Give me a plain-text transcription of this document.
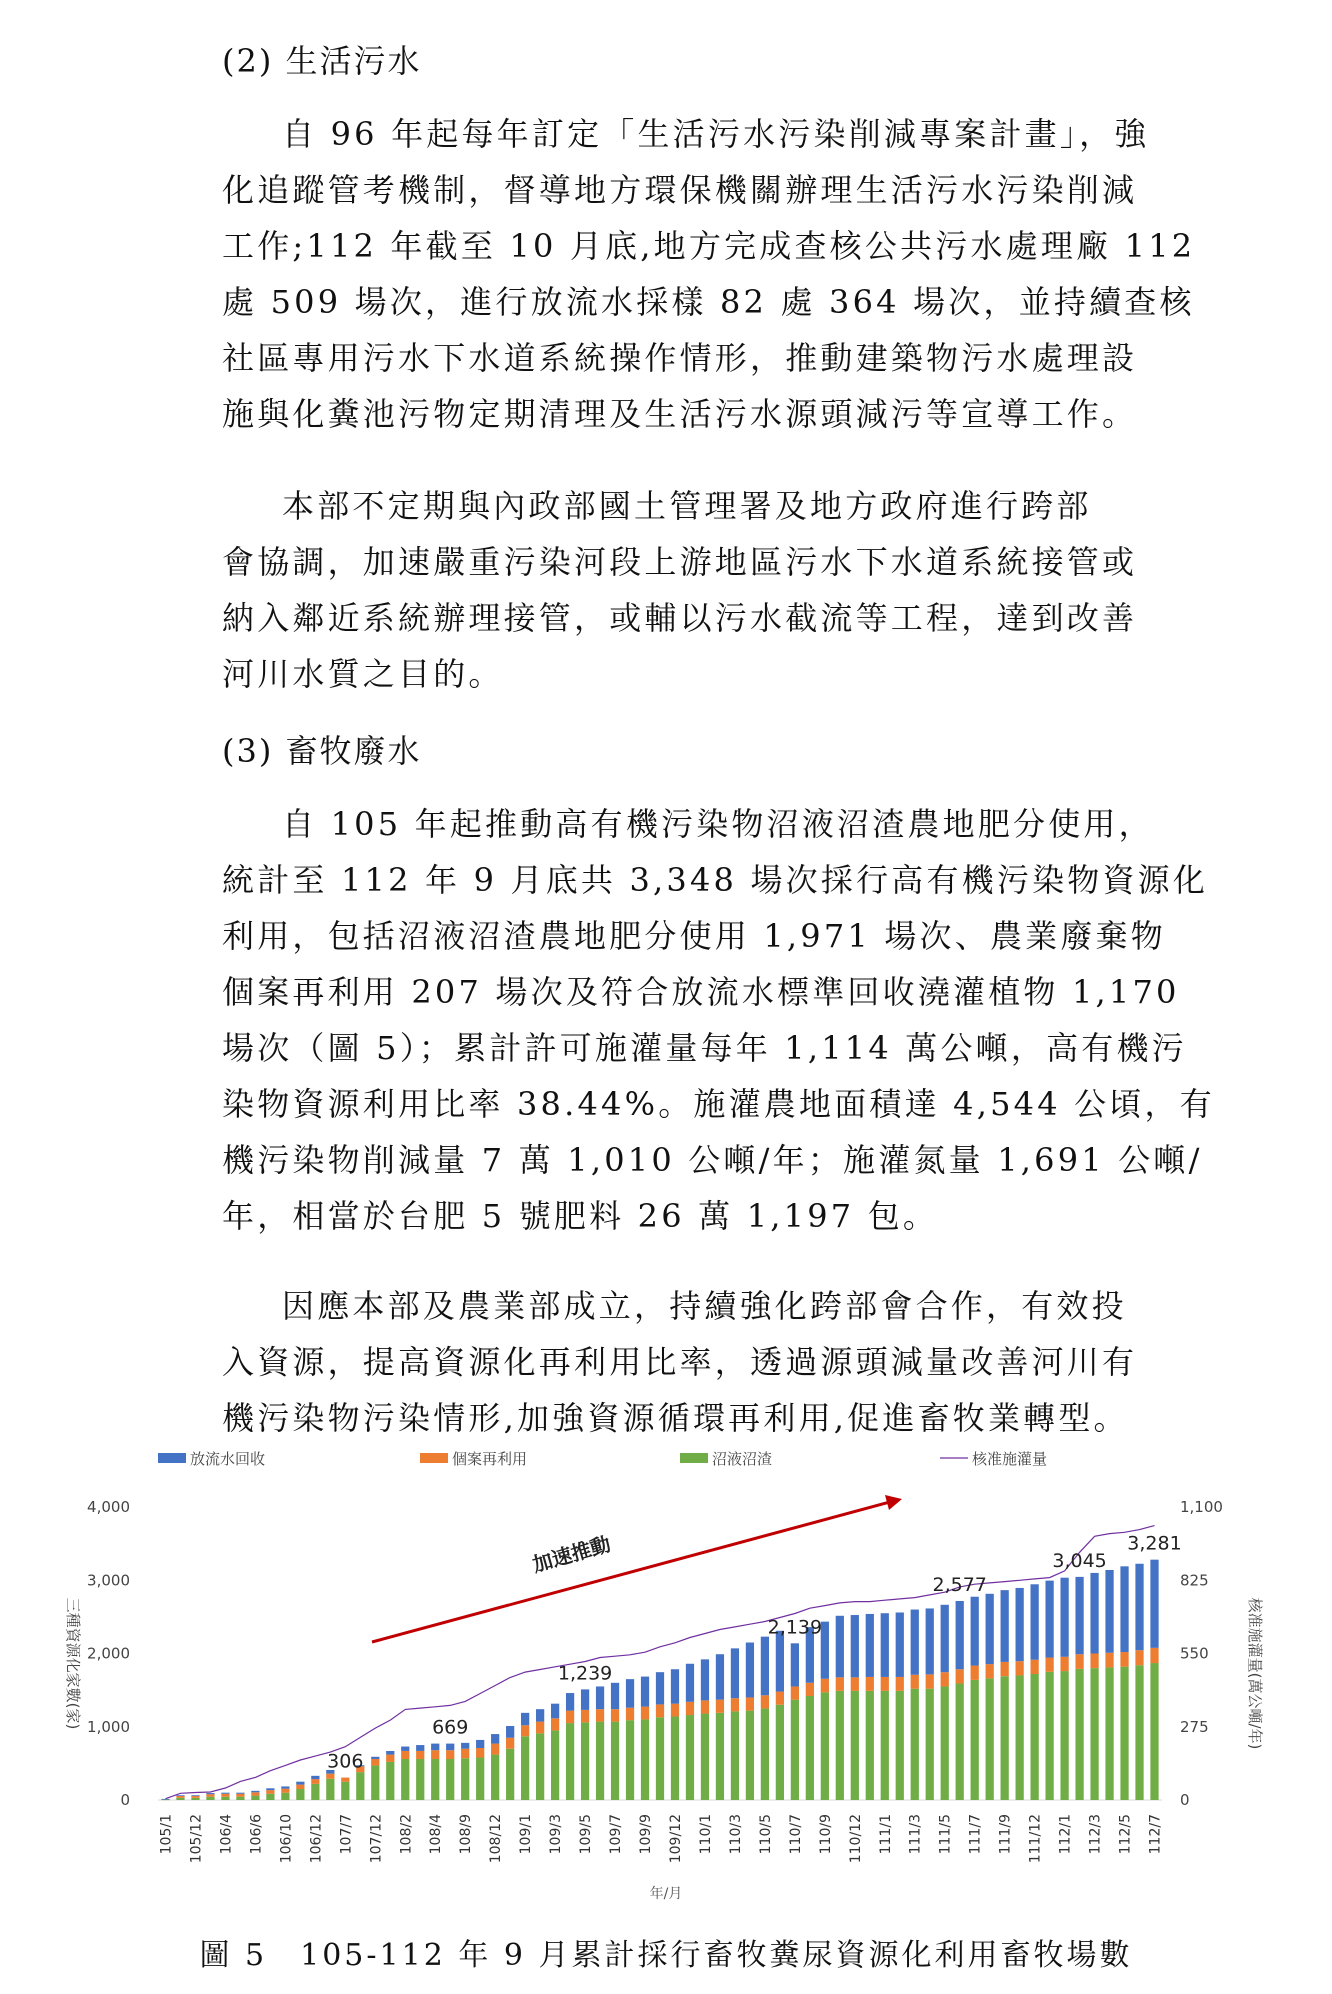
(2) 生活污水
自 96 年起每年訂定「生活污水污染削減專案計畫」，強
化追蹤管考機制，督導地方環保機關辦理生活污水污染削減
工作;112 年截至 10 月底,地方完成查核公共污水處理廠 112
處 509 場次，進行放流水採樣 82 處 364 場次，並持續查核
社區專用污水下水道系統操作情形，推動建築物污水處理設
施與化糞池污物定期清理及生活污水源頭減污等宣導工作。
本部不定期與內政部國土管理署及地方政府進行跨部
會協調，加速嚴重污染河段上游地區污水下水道系統接管或
納入鄰近系統辦理接管，或輔以污水截流等工程，達到改善
河川水質之目的。
(3) 畜牧廢水
自 105 年起推動高有機污染物沼液沼渣農地肥分使用，
統計至 112 年 9 月底共 3,348 場次採行高有機污染物資源化
利用，包括沼液沼渣農地肥分使用 1,971 場次、農業廢棄物
個案再利用 207 場次及符合放流水標準回收澆灌植物 1,170
場次（圖 5）；累計許可施灌量每年 1,114 萬公噸，高有機污
染物資源利用比率 38.44%。施灌農地面積達 4,544 公頃，有
機污染物削減量 7 萬 1,010 公噸/年；施灌氮量 1,691 公噸/
年，相當於台肥 5 號肥料 26 萬 1,197 包。
因應本部及農業部成立，持續強化跨部會合作，有效投
入資源，提高資源化再利用比率，透過源頭減量改善河川有
機污染物污染情形,加強資源循環再利用,促進畜牧業轉型。
放流水回收	個案再利用	沼液沼渣	核准施灌量
0
1,000
2,000
3,000
4,000
三種資源化家數(家)
0
275
550
825
1,100
核准施灌量(萬公噸/年)
306
669
1,239
2,139
2,577
3,045
3,281
105/1 105/12 106/4 106/6 106/10 106/12 107/7 107/12 108/2 108/4 108/9 108/12 109/1 109/3 109/5 109/7 109/9 109/12 110/1 110/3 110/5 110/7 110/9 110/12 111/1 111/3 111/5 111/7 111/9 111/12 112/1 112/3 112/5 112/7
年/月
加速推動
圖 5　105-112 年 9 月累計採行畜牧糞尿資源化利用畜牧場數
